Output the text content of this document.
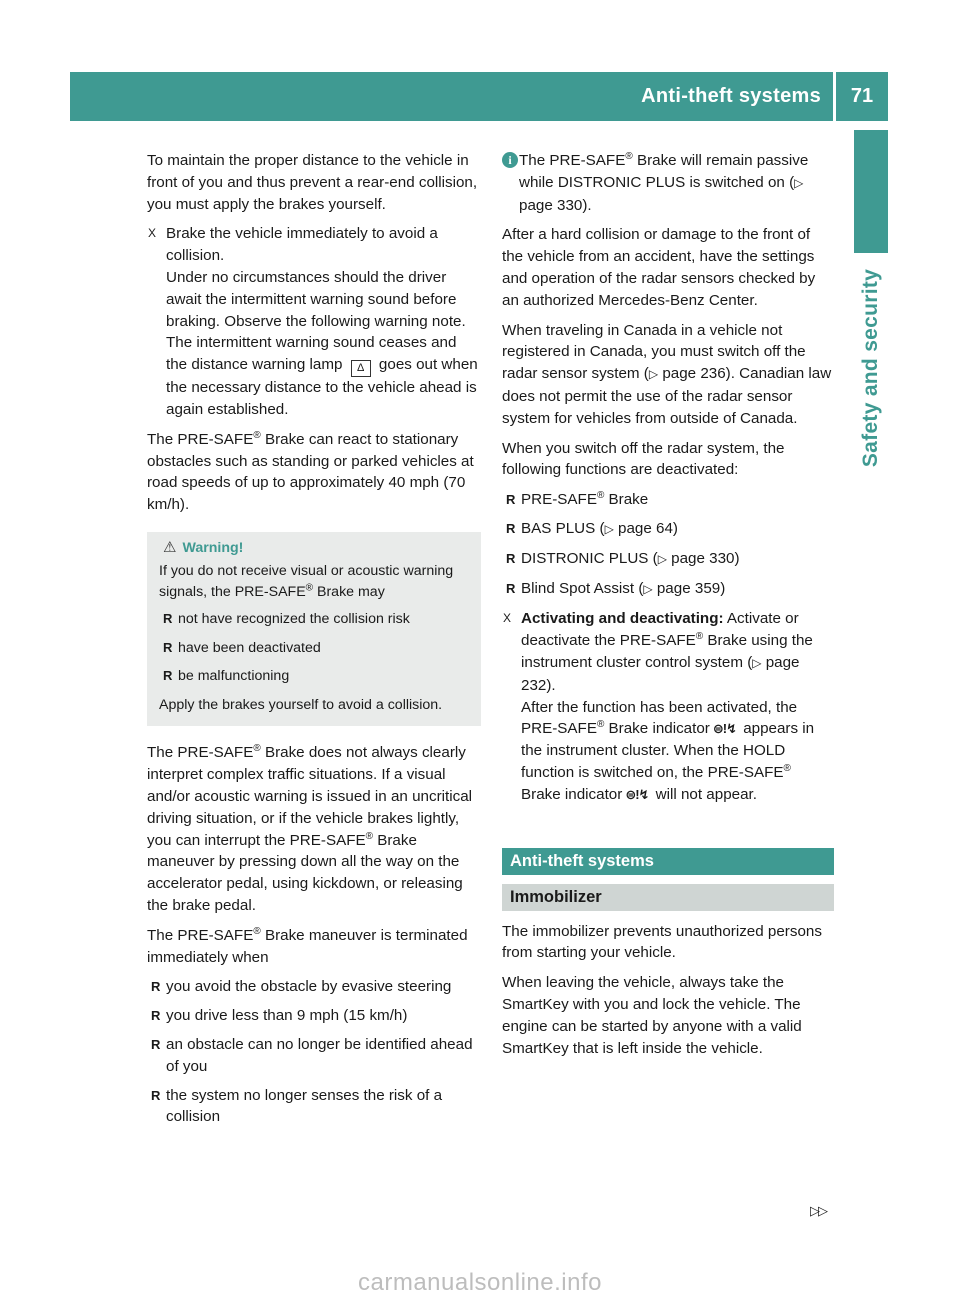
Anti-theft systems	71
Safety and security

To maintain the proper distance to the vehicle in front of you and thus prevent a rear-end collision, you must apply the brakes yourself.

X Brake the vehicle immediately to avoid a collision.

Under no circumstances should the driver await the intermittent warning sound before braking. Observe the following warning note.

The intermittent warning sound ceases and the distance warning lamp Δ goes out when the necessary distance to the vehicle ahead is again established.

The PRE-SAFE® Brake can react to stationary obstacles such as standing or parked vehicles at road speeds of up to approximately 40 mph (70 km/h).

⚠ Warning!

If you do not receive visual or acoustic warning signals, the PRE-SAFE® Brake may

R not have recognized the collision risk
R have been deactivated
R be malfunctioning

Apply the brakes yourself to avoid a collision.

The PRE-SAFE® Brake does not always clearly interpret complex traffic situations. If a visual and/or acoustic warning is issued in an uncritical driving situation, or if the vehicle brakes lightly, you can interrupt the PRE-SAFE® Brake maneuver by pressing down all the way on the accelerator pedal, using kickdown, or releasing the brake pedal.

The PRE-SAFE® Brake maneuver is terminated immediately when

R you avoid the obstacle by evasive steering
R you drive less than 9 mph (15 km/h)
R an obstacle can no longer be identified ahead of you
R the system no longer senses the risk of a collision
i The PRE-SAFE® Brake will remain passive while DISTRONIC PLUS is switched on (▷ page 330).

After a hard collision or damage to the front of the vehicle from an accident, have the settings and operation of the radar sensors checked by an authorized Mercedes-Benz Center.

When traveling in Canada in a vehicle not registered in Canada, you must switch off the radar sensor system (▷ page 236). Canadian law does not permit the use of the radar sensor system for vehicles from outside of Canada.

When you switch off the radar system, the following functions are deactivated:

R PRE-SAFE® Brake
R BAS PLUS (▷ page 64)
R DISTRONIC PLUS (▷ page 330)
R Blind Spot Assist (▷ page 359)
X Activating and deactivating: Activate or deactivate the PRE-SAFE® Brake using the instrument cluster control system (▷ page 232).
After the function has been activated, the PRE-SAFE® Brake indicator ⊜!↯ appears in the instrument cluster. When the HOLD function is switched on, the PRE-SAFE®
Brake indicator ⊜!↯ will not appear.
Anti-theft systems
Immobilizer

The immobilizer prevents unauthorized persons from starting your vehicle.

When leaving the vehicle, always take the SmartKey with you and lock the vehicle. The engine can be started by anyone with a valid SmartKey that is left inside the vehicle.

▷▷
carmanualsonline.info
